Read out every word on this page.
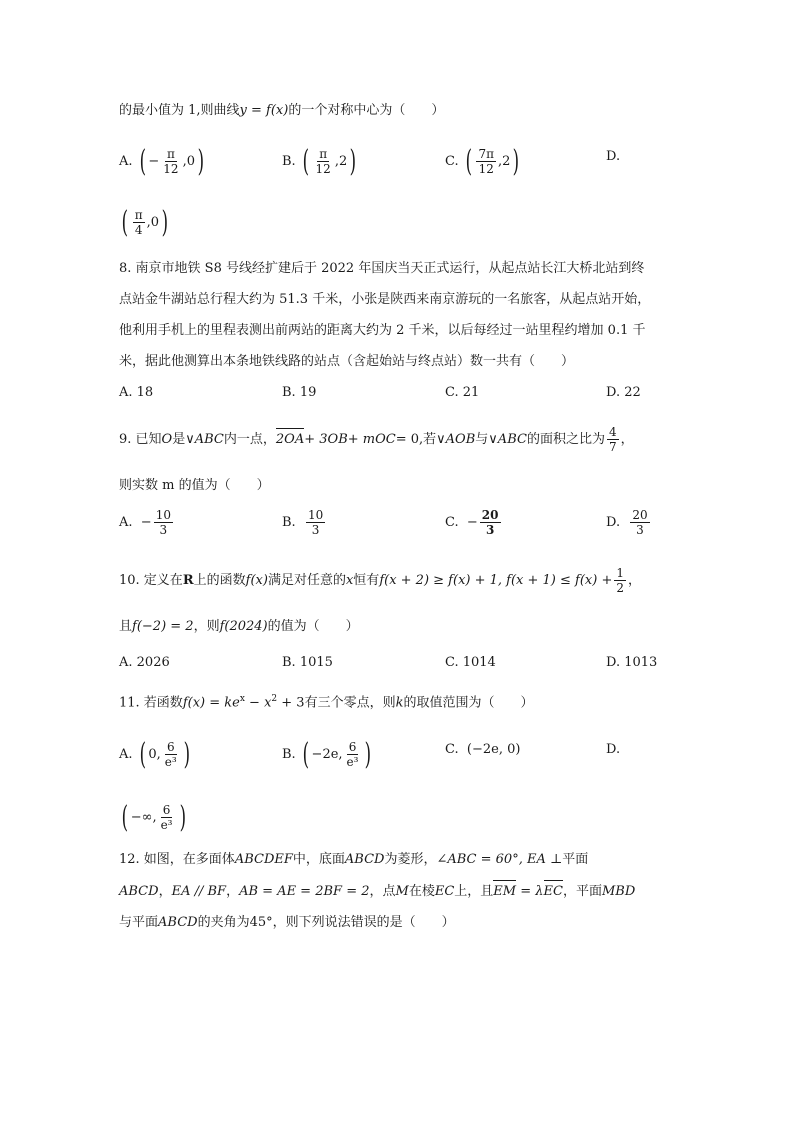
的最小值为 1,则曲线y = f(x)的一个对称中心为（　　）
A.
( − $\frac{\pi}{12} ,0$ )	B.
( $\frac{\pi}{12} ,2$ )	C.
( $\frac{7\pi}{12} ,2$ )	D.
( $\frac{\pi}{4} ,0$ )
8. 南京市地铁 S8 号线经扩建后于 2022 年国庆当天正式运行，从起点站长江大桥北站到终
点站金牛湖站总行程大约为 51.3 千米，小张是陕西来南京游玩的一名旅客，从起点站开始，
他利用手机上的里程表测出前两站的距离大约为 2 千米，以后每经过一站里程约增加 0.1 千
米，据此他测算出本条地铁线路的站点（含起始站与终点站）数一共有（　　）
A. 18	B. 19	C. 21	D. 22
9. 已知 O 是 ∨ABC 内一点， 2OA + 3OB + mOC = 0 ,若 ∨AOB 与 ∨ABC 的面积之比为 $\frac{4}{7}$ ，
则实数 m 的值为（　　）
A.
− $\frac{10}{3}$	B.
$\frac{10}{3}$	C.
− $\frac{20}{3}$	D.
$\frac{20}{3}$
10. 定义在 R 上的函数 f(x) 满足对任意的 x 恒有 f(x + 2) ≥ f(x) + 1, $f(x + 1) \le f(x) + \frac{1}{2}$ ，
且f(−2) = 2，则f(2024)的值为（　　）
A. 2026	B. 1015	C. 1014	D. 1013
11. 若函数$f(x) = ke^x - x^2 + 3$有三个零点，则k的取值范围为（　　）
A.
( 0, $\frac{6}{\text{e³}}$ )	B.
( −2e, $\frac{6}{\text{e³}}$ )	C. (−2e, 0)	D.
( −∞, $\frac{6}{\text{e³}}$ )
12. 如图，在多面体ABCDEF中，底面ABCD为菱形，∠ABC = 60°, EA ⊥平面
ABCD，EA // BF，AB = AE = 2BF = 2，点M在棱EC上，且EM = λEC，平面MBD
与平面ABCD的夹角为45°，则下列说法错误的是（　　）
